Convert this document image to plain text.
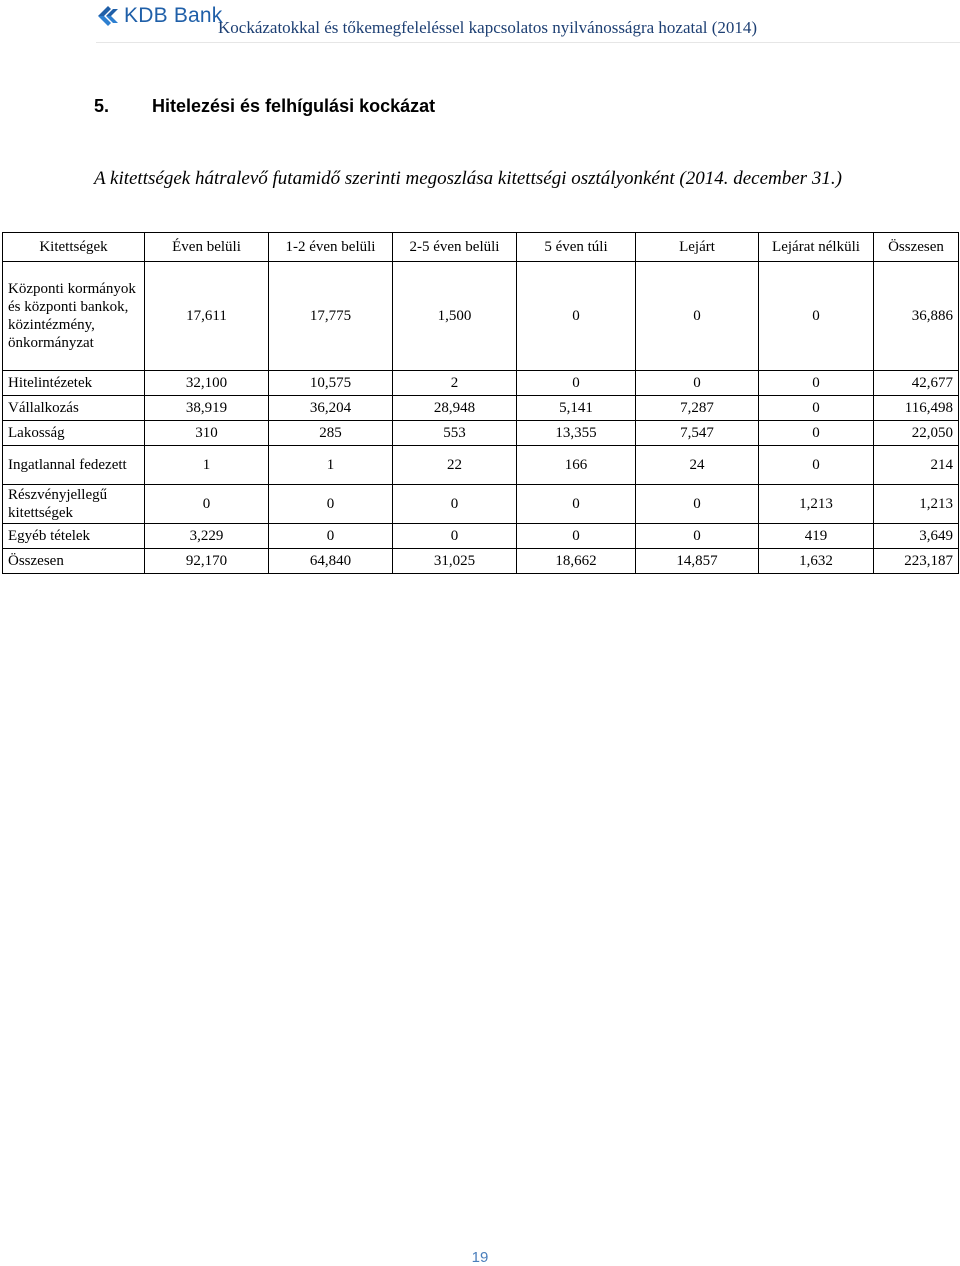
KDB Bank
Kockázatokkal és tőkemegfeleléssel kapcsolatos nyilvánosságra hozatal (2014)
5. Hitelezési és felhígulási kockázat
A kitettségek hátralevő futamidő szerinti megoszlása kitettségi osztályonként (2014. december 31.)
Kitettségek	Éven belüli	1-2 éven belüli	2-5 éven belüli	5 éven túli	Lejárt	Lejárat nélküli	Összesen
Központi kormányok és központi bankok, közintézmény, önkormányzat	17,611	17,775	1,500	0	0	0	36,886
Hitelintézetek	32,100	10,575	2	0	0	0	42,677
Vállalkozás	38,919	36,204	28,948	5,141	7,287	0	116,498
Lakosság	310	285	553	13,355	7,547	0	22,050
Ingatlannal fedezett	1	1	22	166	24	0	214
Részvényjellegű kitettségek	0	0	0	0	0	1,213	1,213
Egyéb tételek	3,229	0	0	0	0	419	3,649
Összesen	92,170	64,840	31,025	18,662	14,857	1,632	223,187
19
